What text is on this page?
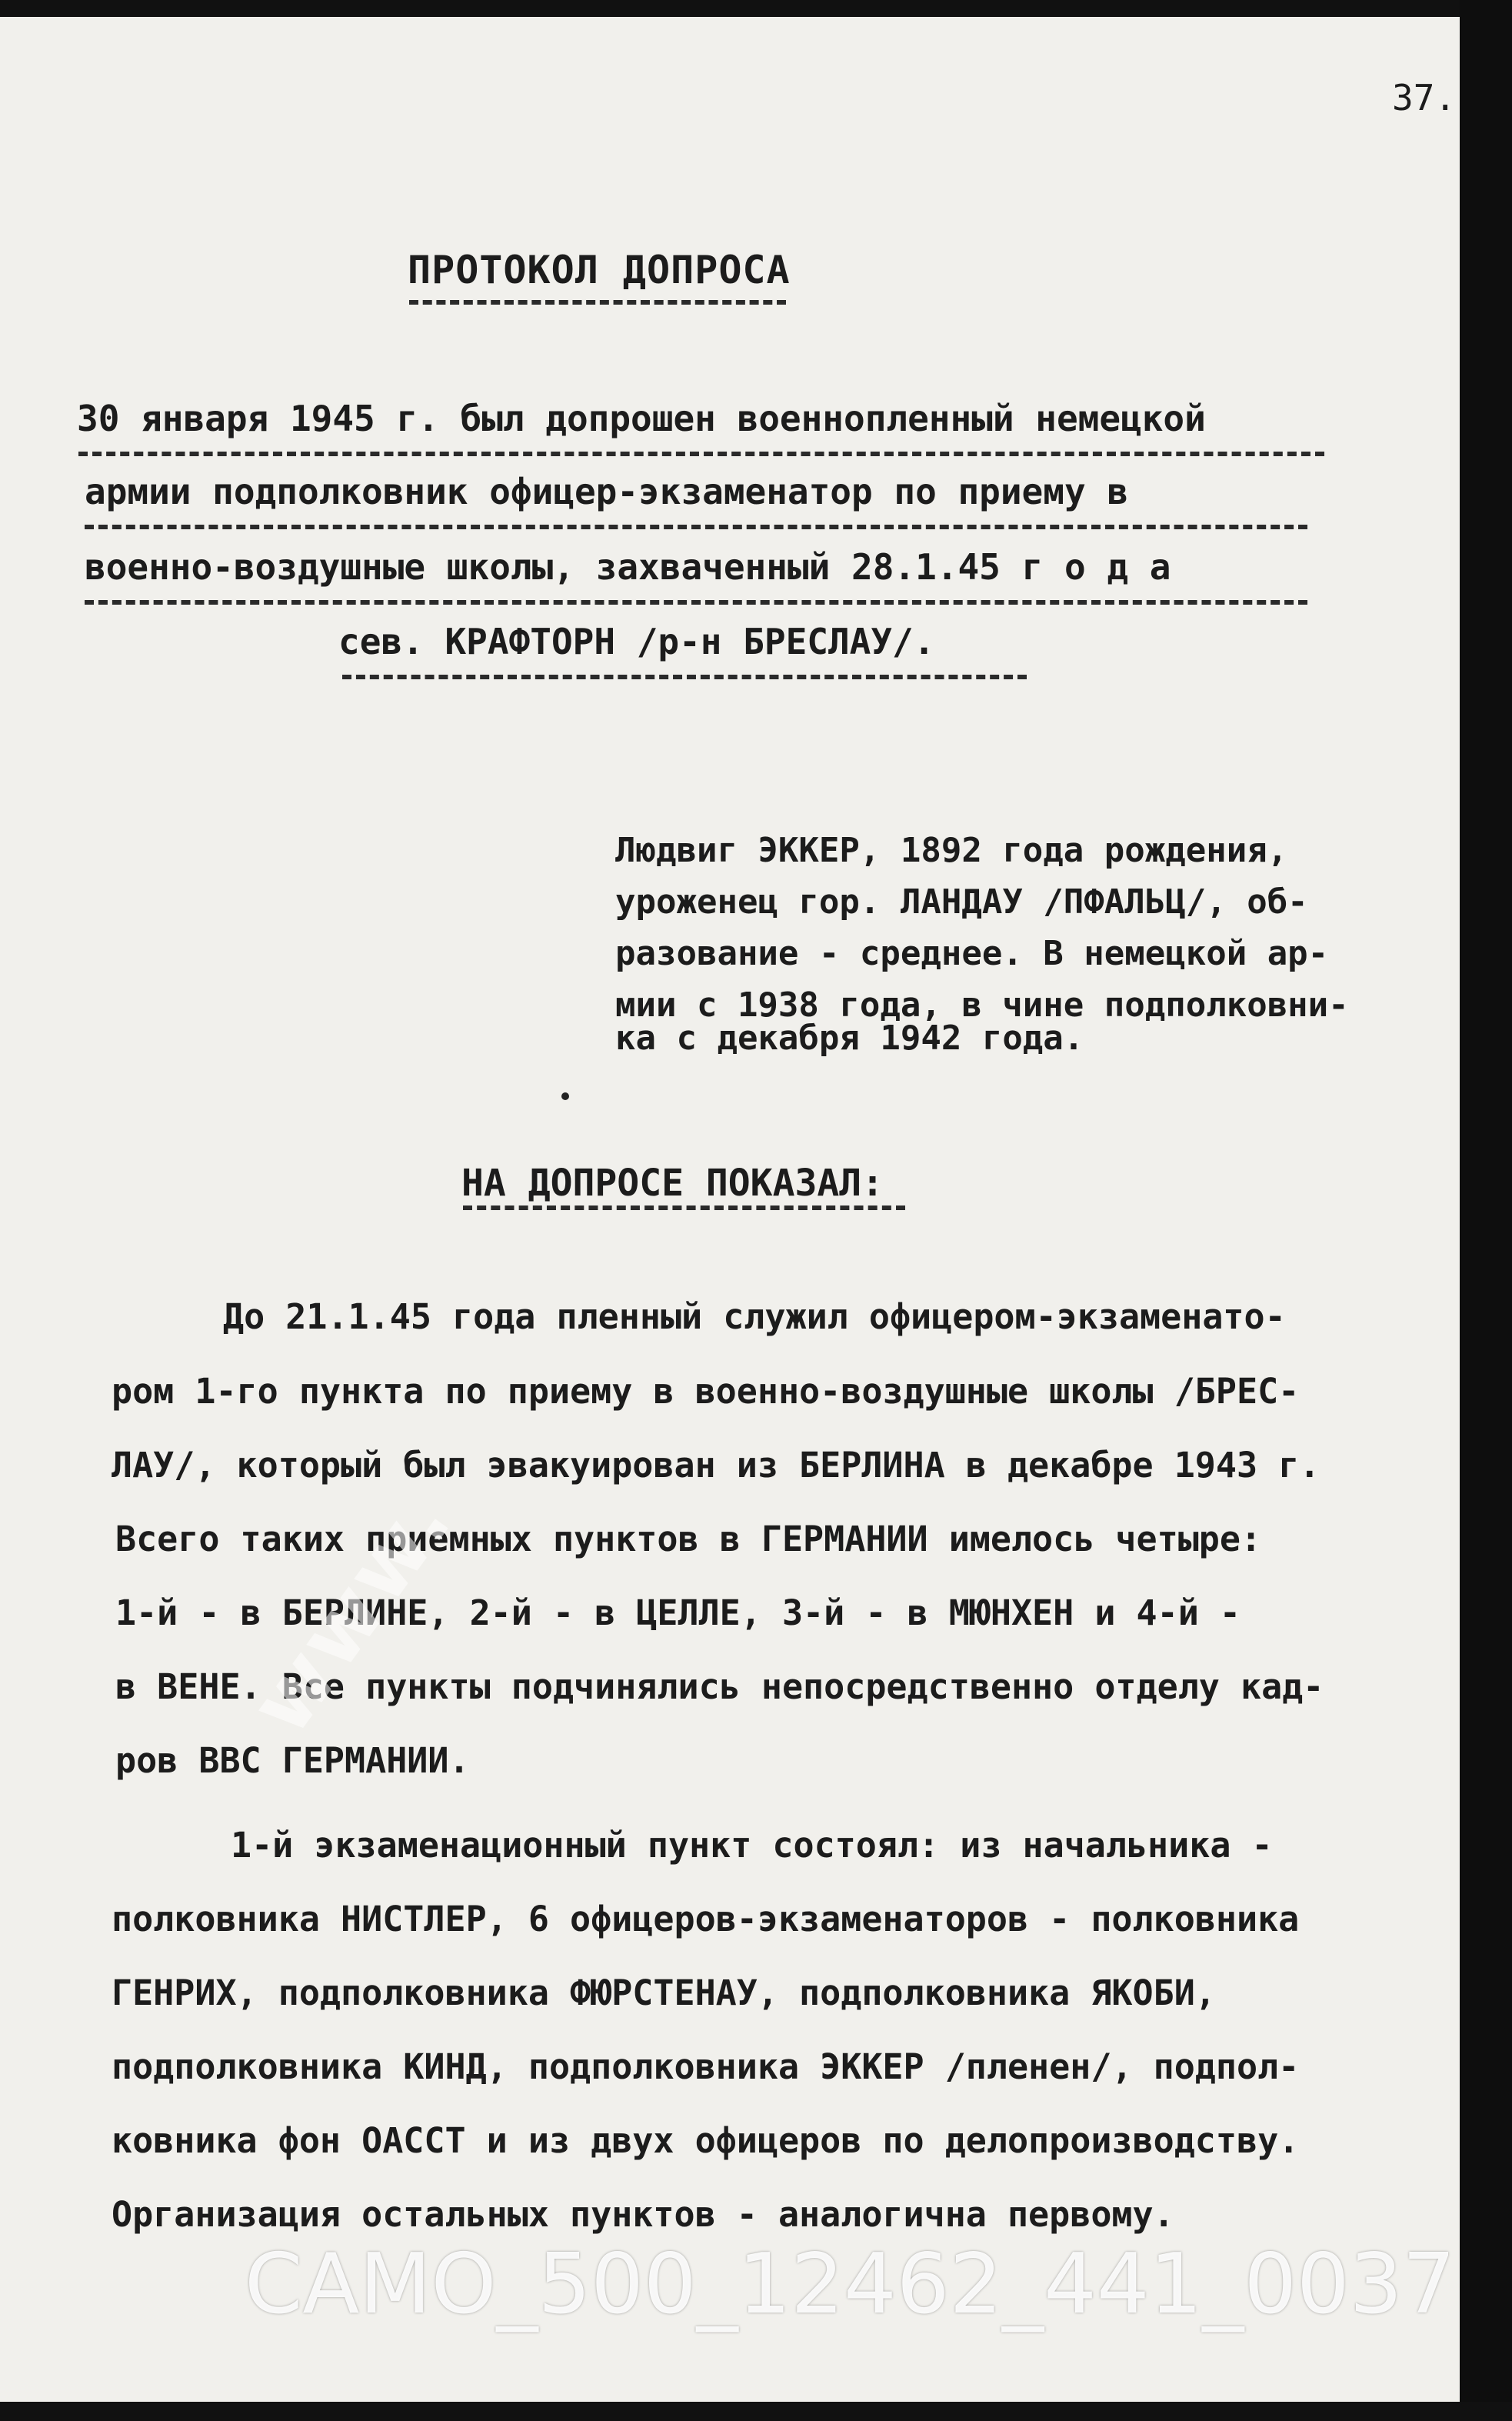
37.
ПРОТОКОЛ ДОПРОСА
30 января 1945 г. был допрошен военнопленный немецкой
армии подполковник офицер-экзаменатор по приему в
военно-воздушные школы, захваченный 28.1.45 г о д а
сев. КРАФТОРН /р-н БРЕСЛАУ/.
Людвиг ЭККЕР, 1892 года рождения,
уроженец гор. ЛАНДАУ /ПФАЛЬЦ/, об-
разование - среднее. В немецкой ар-
мии с 1938 года, в чине подполковни-
ка с декабря 1942 года.
НА ДОПРОСЕ ПОКАЗАЛ:
До 21.1.45 года пленный служил офицером-экзаменато-
ром 1-го пункта по приему в военно-воздушные школы /БРЕС-
ЛАУ/, который был эвакуирован из БЕРЛИНА в декабре 1943 г.
Всего таких приемных пунктов в ГЕРМАНИИ имелось четыре:
1-й - в БЕРЛИНЕ, 2-й - в ЦЕЛЛЕ, 3-й - в МЮНХЕН и 4-й -
в ВЕНЕ. Все пункты подчинялись непосредственно отделу кад-
ров ВВС ГЕРМАНИИ.
1-й экзаменационный пункт состоял: из начальника -
полковника НИСТЛЕР, 6 офицеров-экзаменаторов - полковника
ГЕНРИХ, подполковника ФЮРСТЕНАУ, подполковника ЯКОБИ,
подполковника КИНД, подполковника ЭККЕР /пленен/, подпол-
ковника фон ОАССТ и из двух офицеров по делопроизводству.
Организация остальных пунктов - аналогична первому.
www.
CAMO_500_12462_441_0037
